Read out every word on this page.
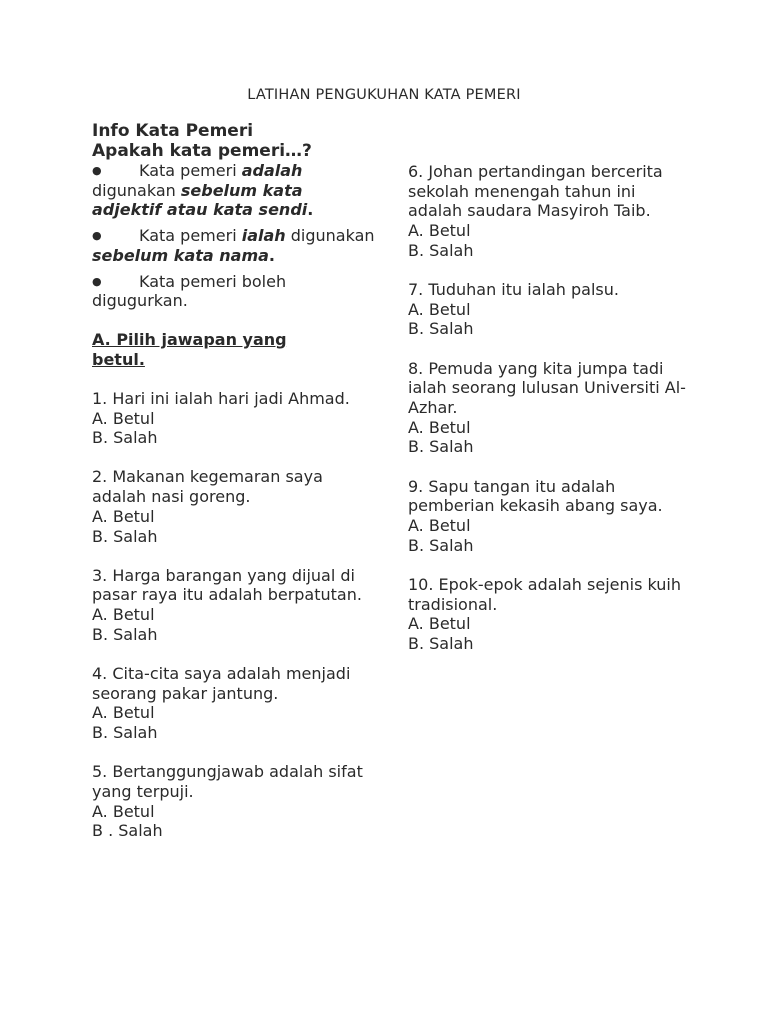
LATIHAN PENGUKUHAN KATA PEMERI
Info Kata Pemeri
Apakah kata pemeri…?
● Kata pemeri adalah digunakan sebelum kata adjektif atau kata sendi.
● Kata pemeri ialah digunakan sebelum kata nama.
● Kata pemeri boleh digugurkan.
A. Pilih jawapan yang betul.
1. Hari ini ialah hari jadi Ahmad.
A. Betul
B. Salah
2. Makanan kegemaran saya adalah nasi goreng.
A. Betul
B. Salah
3. Harga barangan yang dijual di pasar raya itu adalah berpatutan.
A. Betul
B. Salah
4. Cita-cita saya adalah menjadi seorang pakar jantung.
A. Betul
B. Salah
5. Bertanggungjawab adalah sifat yang terpuji.
A. Betul
B . Salah
6. Johan pertandingan bercerita sekolah menengah tahun ini adalah saudara Masyiroh Taib.
A. Betul
B. Salah
7. Tuduhan itu ialah palsu.
A. Betul
B. Salah
8. Pemuda yang kita jumpa tadi ialah seorang lulusan Universiti Al-Azhar.
A. Betul
B. Salah
9. Sapu tangan itu adalah pemberian kekasih abang saya.
A. Betul
B. Salah
10. Epok-epok adalah sejenis kuih tradisional.
A. Betul
B. Salah
